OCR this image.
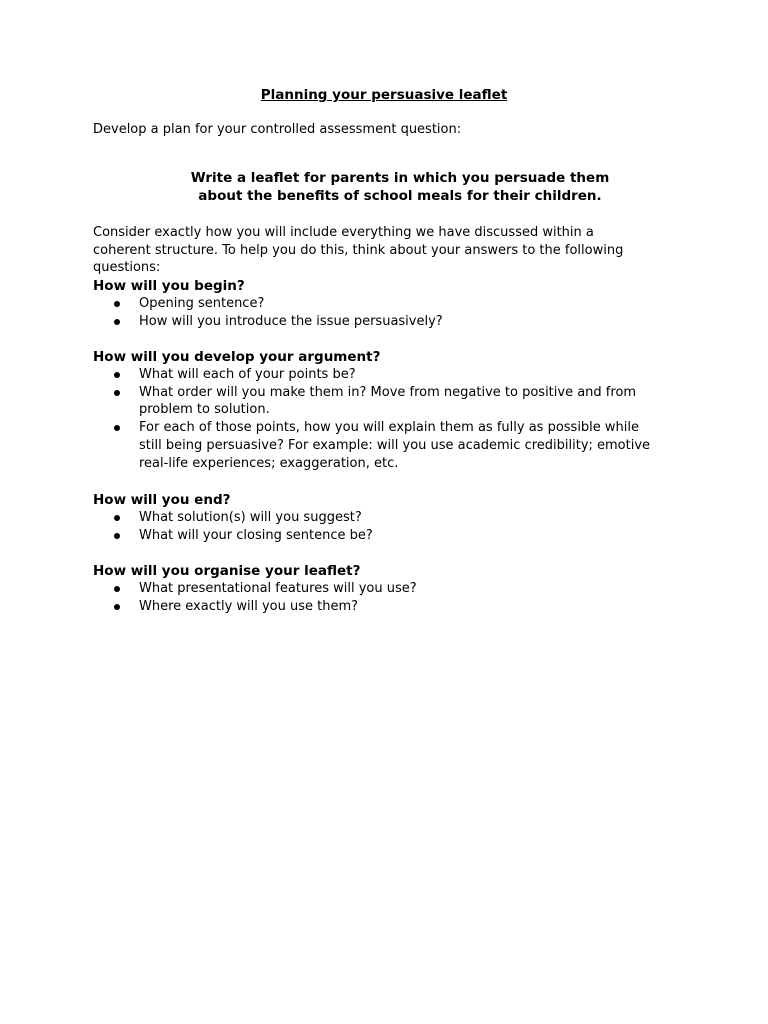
Planning your persuasive leaflet
Develop a plan for your controlled assessment question:
Write a leaflet for parents in which you persuade them
about the benefits of school meals for their children.
Consider exactly how you will include everything we have discussed within a coherent structure. To help you do this, think about your answers to the following questions:
How will you begin?
Opening sentence?
How will you introduce the issue persuasively?
How will you develop your argument?
What will each of your points be?
What order will you make them in? Move from negative to positive and from problem to solution.
For each of those points, how you will explain them as fully as possible while still being persuasive? For example: will you use academic credibility; emotive real-life experiences; exaggeration, etc.
How will you end?
What solution(s) will you suggest?
What will your closing sentence be?
How will you organise your leaflet?
What presentational features will you use?
Where exactly will you use them?
